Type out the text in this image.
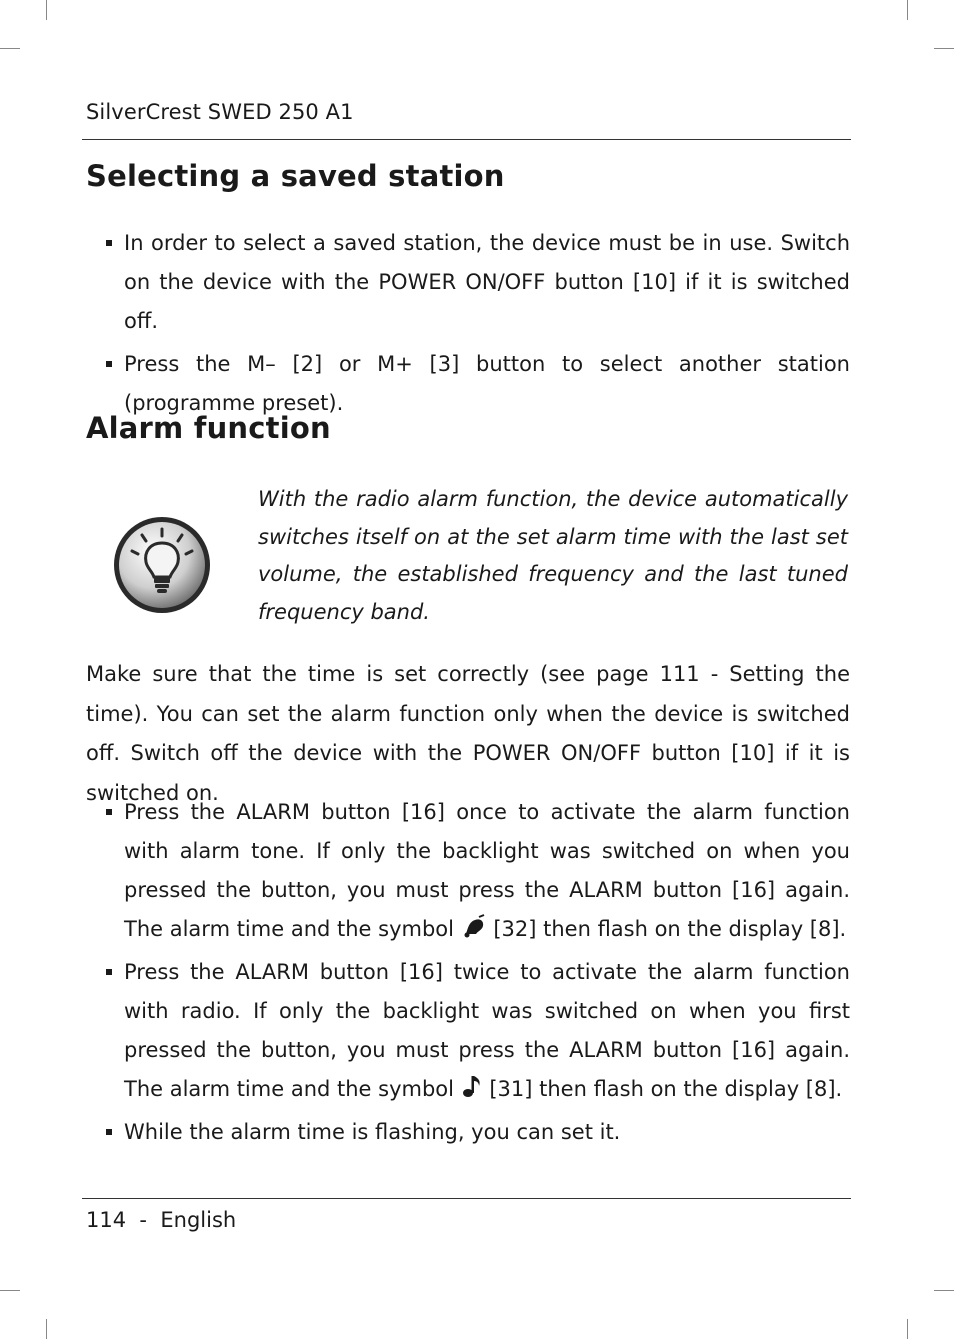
SilverCrest SWED 250 A1
Selecting a saved station
In order to select a saved station, the device must be in use. Switch on the device with the POWER ON/OFF button [10] if it is switched off.
Press the M– [2] or M+ [3] button to select another station (programme preset).
Alarm function

With the radio alarm function, the device automatically switches itself on at the set alarm time with the last set volume, the established frequency and the last tuned frequency band.

Make sure that the time is set correctly (see page 111 - Setting the time). You can set the alarm function only when the device is switched off. Switch off the device with the POWER ON/OFF button [10] if it is switched on.

Press the ALARM button [16] once to activate the alarm function with alarm tone. If only the backlight was switched on when you pressed the button, you must press the ALARM button [16] again. The alarm time and the symbol  [32] then flash on the display [8].
Press the ALARM button [16] twice to activate the alarm function with radio. If only the backlight was switched on when you first pressed the button, you must press the ALARM button [16] again. The alarm time and the symbol  [31] then flash on the display [8].
While the alarm time is flashing, you can set it.
114  -  English
